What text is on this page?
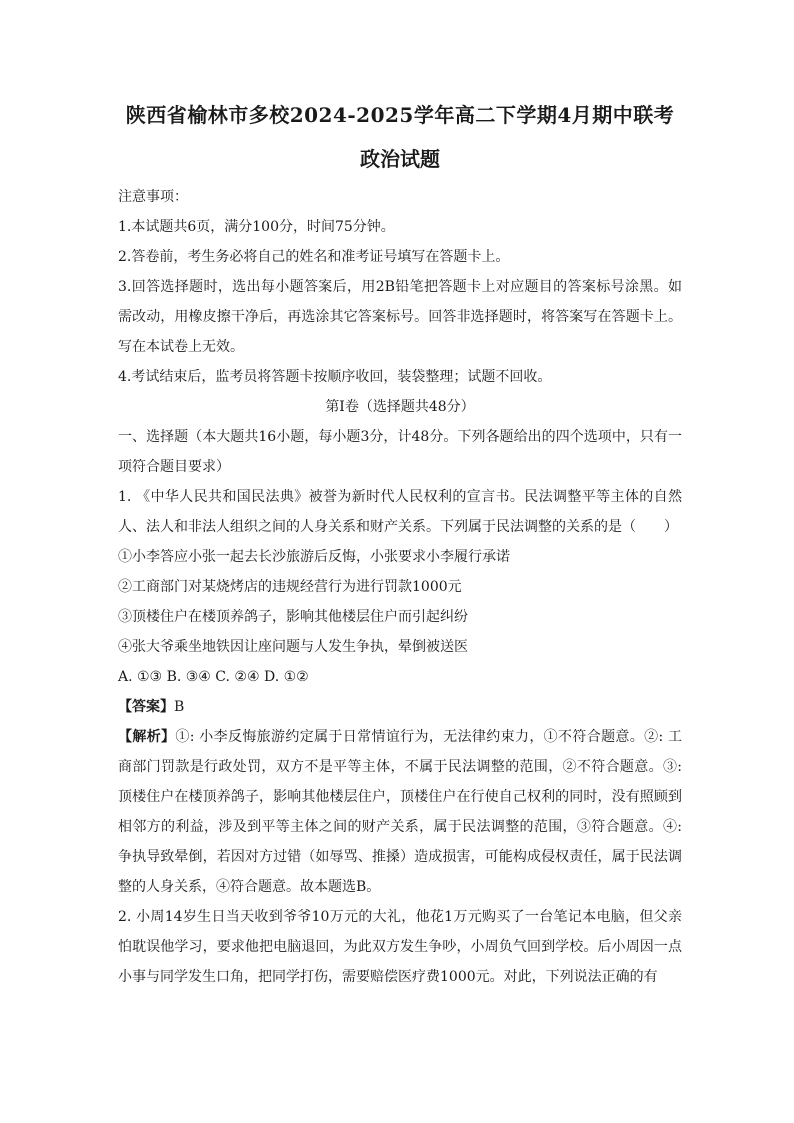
陕西省榆林市多校2024-2025学年高二下学期4月期中联考
政治试题

注意事项：

1.本试题共6页，满分100分，时间75分钟。

2.答卷前，考生务必将自己的姓名和准考证号填写在答题卡上。

3.回答选择题时，选出每小题答案后，用2B铅笔把答题卡上对应题目的答案标号涂黑。如需改动，用橡皮擦干净后，再选涂其它答案标号。回答非选择题时，将答案写在答题卡上。写在本试卷上无效。

4.考试结束后，监考员将答题卡按顺序收回，装袋整理；试题不回收。

第Ⅰ卷（选择题共48分）

一、选择题（本大题共16小题，每小题3分，计48分。下列各题给出的四个选项中，只有一项符合题目要求）

1. 《中华人民共和国民法典》被誉为新时代人民权利的宣言书。民法调整平等主体的自然人、法人和非法人组织之间的人身关系和财产关系。下列属于民法调整的关系的是（　　）

①小李答应小张一起去长沙旅游后反悔，小张要求小李履行承诺

②工商部门对某烧烤店的违规经营行为进行罚款1000元

③顶楼住户在楼顶养鸽子，影响其他楼层住户而引起纠纷

④张大爷乘坐地铁因让座问题与人发生争执，晕倒被送医

A. ①③ B. ③④ C. ②④ D. ①②

【答案】B

【解析】①: 小李反悔旅游约定属于日常情谊行为，无法律约束力，①不符合题意。②: 工商部门罚款是行政处罚，双方不是平等主体，不属于民法调整的范围，②不符合题意。③: 顶楼住户在楼顶养鸽子，影响其他楼层住户，顶楼住户在行使自己权利的同时，没有照顾到相邻方的利益，涉及到平等主体之间的财产关系，属于民法调整的范围，③符合题意。④: 争执导致晕倒，若因对方过错（如辱骂、推搡）造成损害，可能构成侵权责任，属于民法调整的人身关系，④符合题意。故本题选B。

2. 小周14岁生日当天收到爷爷10万元的大礼，他花1万元购买了一台笔记本电脑，但父亲怕耽误他学习，要求他把电脑退回，为此双方发生争吵，小周负气回到学校。后小周因一点小事与同学发生口角，把同学打伤，需要赔偿医疗费1000元。对此，下列说法正确的有
